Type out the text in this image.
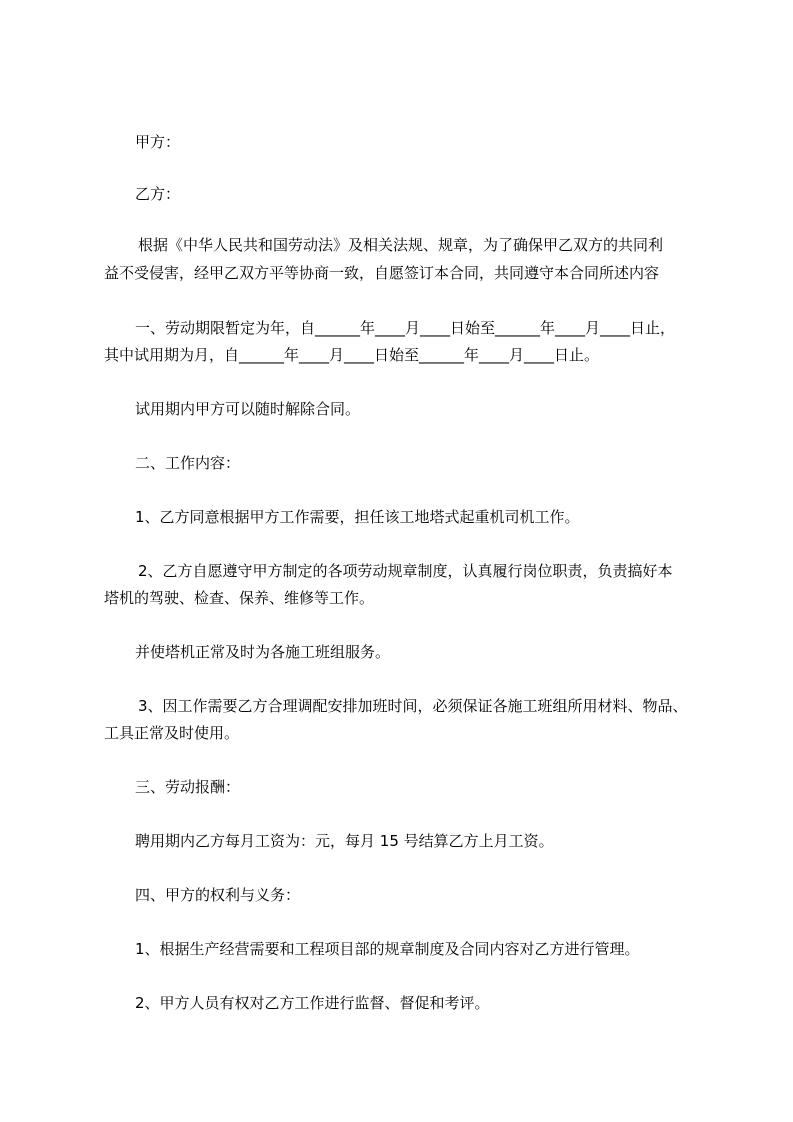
甲方：
乙方：
根据《中华人民共和国劳动法》及相关法规、规章，为了确保甲乙双方的共同利
益不受侵害，经甲乙双方平等协商一致，自愿签订本合同，共同遵守本合同所述内容
一、劳动期限暂定为年，自______年____月____日始至______年____月____日止，
其中试用期为月，自______年____月____日始至______年____月____日止。
试用期内甲方可以随时解除合同。
二、工作内容：
1、乙方同意根据甲方工作需要，担任该工地塔式起重机司机工作。
2、乙方自愿遵守甲方制定的各项劳动规章制度，认真履行岗位职责，负责搞好本
塔机的驾驶、检查、保养、维修等工作。
并使塔机正常及时为各施工班组服务。
3、因工作需要乙方合理调配安排加班时间，必须保证各施工班组所用材料、物品、
工具正常及时使用。
三、劳动报酬：
聘用期内乙方每月工资为：元，每月 15 号结算乙方上月工资。
四、甲方的权利与义务：
1、根据生产经营需要和工程项目部的规章制度及合同内容对乙方进行管理。
2、甲方人员有权对乙方工作进行监督、督促和考评。
